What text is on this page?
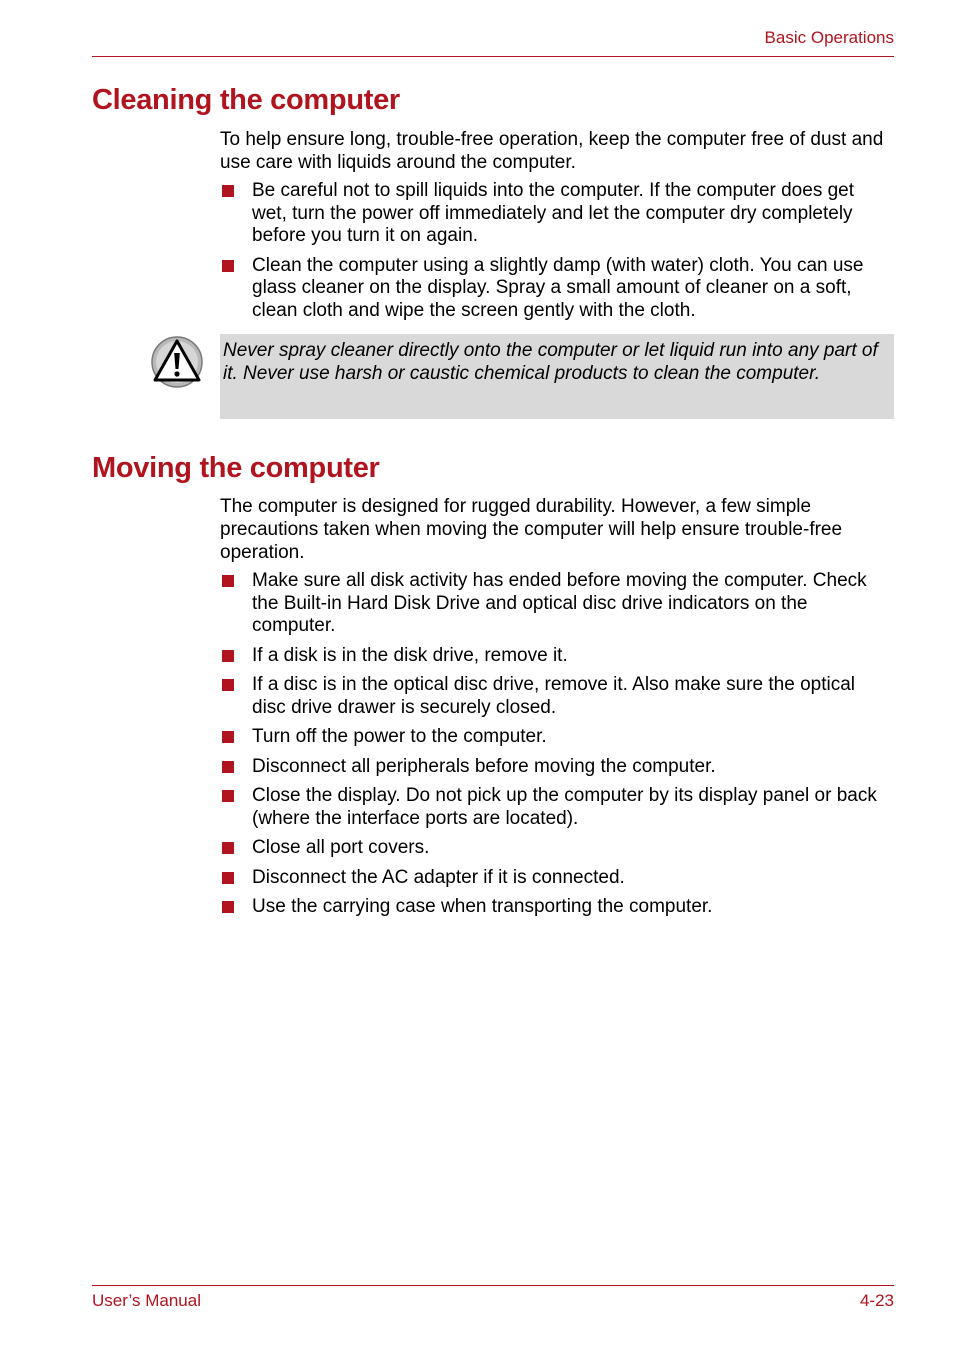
Basic Operations
Cleaning the computer

To help ensure long, trouble-free operation, keep the computer free of dust and use care with liquids around the computer.

Be careful not to spill liquids into the computer. If the computer does get wet, turn the power off immediately and let the computer dry completely before you turn it on again.
Clean the computer using a slightly damp (with water) cloth. You can use glass cleaner on the display. Spray a small amount of cleaner on a soft, clean cloth and wipe the screen gently with the cloth.

Never spray cleaner directly onto the computer or let liquid run into any part of it. Never use harsh or caustic chemical products to clean the computer.

Moving the computer

The computer is designed for rugged durability. However, a few simple precautions taken when moving the computer will help ensure trouble-free operation.

Make sure all disk activity has ended before moving the computer. Check the Built-in Hard Disk Drive and optical disc drive indicators on the computer.
If a disk is in the disk drive, remove it.
If a disc is in the optical disc drive, remove it. Also make sure the optical disc drive drawer is securely closed.
Turn off the power to the computer.
Disconnect all peripherals before moving the computer.
Close the display. Do not pick up the computer by its display panel or back (where the interface ports are located).
Close all port covers.
Disconnect the AC adapter if it is connected.
Use the carrying case when transporting the computer.
User’s Manual	4-23
